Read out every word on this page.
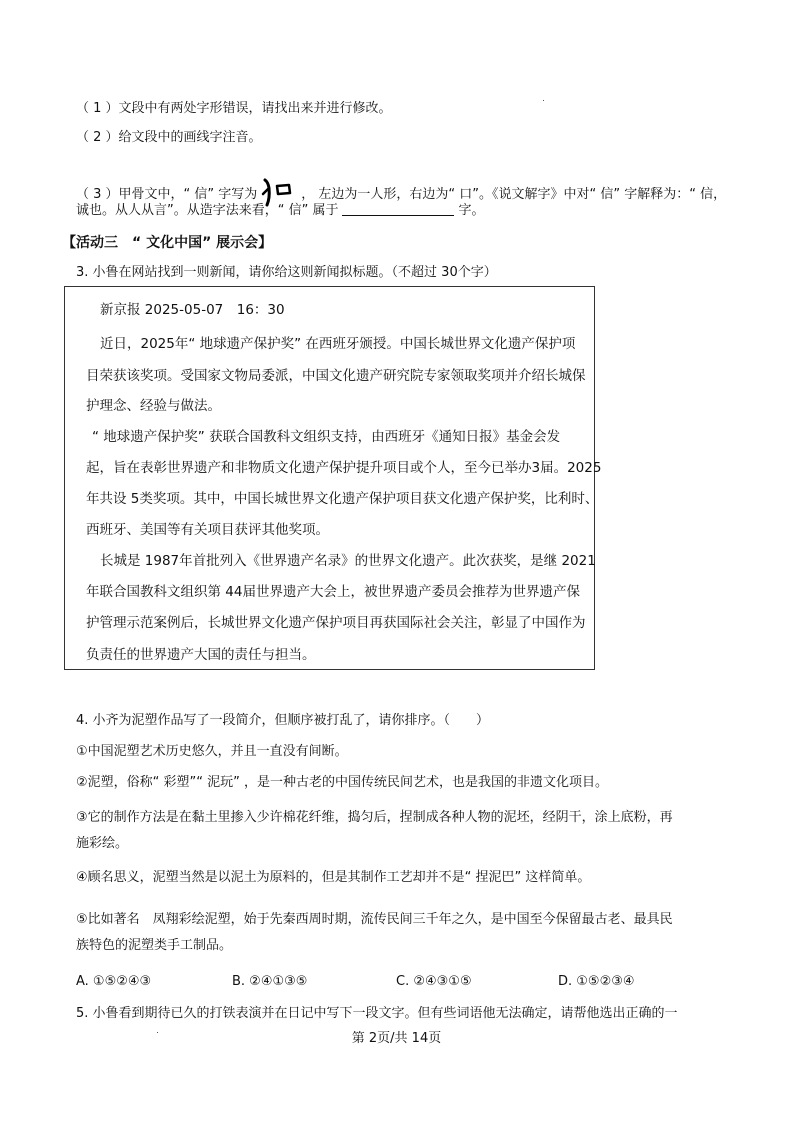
（ 1 ）文段中有两处字形错误，请找出来并进行修改。
（ 2 ）给文段中的画线字注音。
（ 3 ）甲骨文中，“ 信” 字写为	， 左边为一人形，右边为“ 口”。《说文解字》中对“ 信” 字解释为：“ 信，
诚也。从人从言”。从造字法来看，“ 信” 属于	字。
【活动三　“ 文化中国” 展示会】
3. 小鲁在网站找到一则新闻，请你给这则新闻拟标题。（不超过 30个字）
新京报 2025-05-07　16：30
近日，2025年“ 地球遗产保护奖” 在西班牙颁授。中国长城世界文化遗产保护项
目荣获该奖项。受国家文物局委派，中国文化遗产研究院专家领取奖项并介绍长城保
护理念、经验与做法。
“ 地球遗产保护奖” 获联合国教科文组织支持，由西班牙《通知日报》基金会发
起，旨在表彰世界遗产和非物质文化遗产保护提升项目或个人，至今已举办3届。2025
年共设 5类奖项。其中，中国长城世界文化遗产保护项目获文化遗产保护奖，比利时、
西班牙、美国等有关项目获评其他奖项。
长城是 1987年首批列入《世界遗产名录》的世界文化遗产。此次获奖，是继 2021
年联合国教科文组织第 44届世界遗产大会上，被世界遗产委员会推荐为世界遗产保
护管理示范案例后，长城世界文化遗产保护项目再获国际社会关注，彰显了中国作为
负责任的世界遗产大国的责任与担当。
4. 小齐为泥塑作品写了一段简介，但顺序被打乱了，请你排序。（　　）
①中国泥塑艺术历史悠久，并且一直没有间断。
②泥塑，俗称“ 彩塑”“ 泥玩” ，是一种古老的中国传统民间艺术，也是我国的非遗文化项目。
③它的制作方法是在黏土里掺入少许棉花纤维，捣匀后，捏制成各种人物的泥坯，经阴干，涂上底粉，再
施彩绘。
④顾名思义，泥塑当然是以泥土为原料的，但是其制作工艺却并不是“ 捏泥巴” 这样简单。
⑤比如著名　凤翔彩绘泥塑，始于先秦西周时期，流传民间三千年之久，是中国至今保留最古老、最具民
族特色的泥塑类手工制品。
A. ①⑤②④③	B. ②④①③⑤	C. ②④③①⑤	D. ①⑤②③④
5. 小鲁看到期待已久的打铁表演并在日记中写下一段文字。但有些词语他无法确定，请帮他选出正确的一
第 2页/共 14页
